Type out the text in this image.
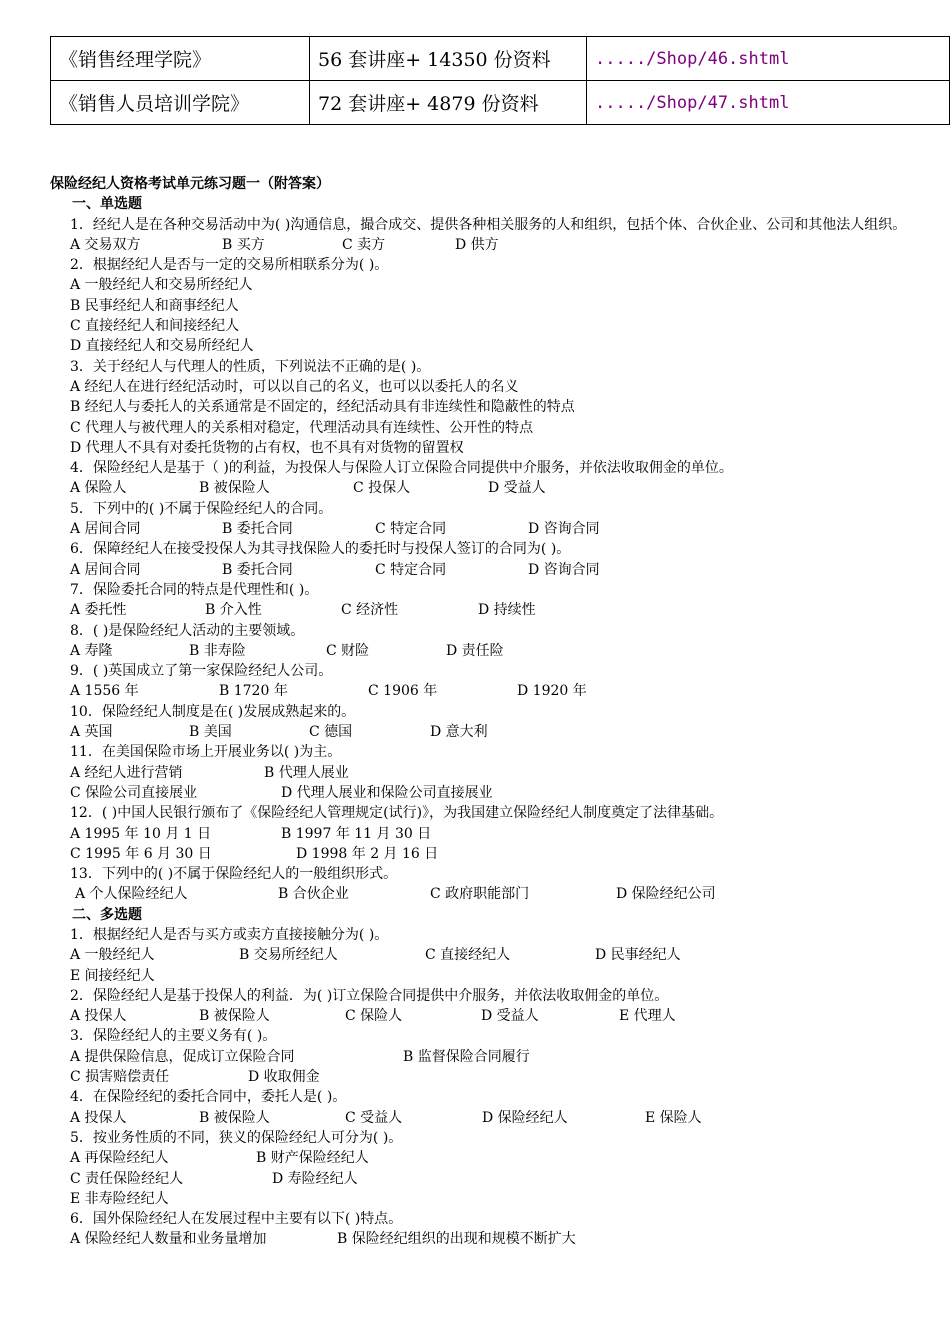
《销售经理学院》	56 套讲座+ 14350 份资料	...../Shop/46.shtml
《销售人员培训学院》	72 套讲座+ 4879 份资料	...../Shop/47.shtml
保险经纪人资格考试单元练习题一（附答案）
一、单选题
1．经纪人是在各种交易活动中为( )沟通信息，撮合成交、提供各种相关服务的人和组织，包括个体、合伙企业、公司和其他法人组织。
A 交易双方	B 买方	C 卖方	D 供方
2．根据经纪人是否与一定的交易所相联系分为( )。
A 一般经纪人和交易所经纪人
B 民事经纪人和商事经纪人
C 直接经纪人和间接经纪人
D 直接经纪人和交易所经纪人
3．关于经纪人与代理人的性质，下列说法不正确的是( )。
A 经纪人在进行经纪活动时，可以以自己的名义，也可以以委托人的名义
B 经纪人与委托人的关系通常是不固定的，经纪活动具有非连续性和隐蔽性的特点
C 代理人与被代理人的关系相对稳定，代理活动具有连续性、公开性的特点
D 代理人不具有对委托货物的占有权，也不具有对货物的留置权
4．保险经纪人是基于（ )的利益，为投保人与保险人订立保险合同提供中介服务，并依法收取佣金的单位。
A 保险人	B 被保险人	C 投保人	D 受益人
5．下列中的( )不属于保险经纪人的合同。
A 居间合同	B 委托合同	C 特定合同	D 咨询合同
6．保障经纪人在接受投保人为其寻找保险人的委托时与投保人签订的合同为( )。
A 居间合同	B 委托合同	C 特定合同	D 咨询合同
7．保险委托合同的特点是代理性和( )。
A 委托性	B 介入性	C 经济性	D 持续性
8．( )是保险经纪人活动的主要领域。
A 寿隆	B 非寿险	C 财险	D 责任险
9．( )英国成立了第一家保险经纪人公司。
A 1556 年	B 1720 年	C 1906 年	D 1920 年
10．保险经纪人制度是在( )发展成熟起来的。
A 英国	B 美国	C 德国	D 意大利
11．在美国保险市场上开展业务以( )为主。
A 经纪人进行营销	B 代理人展业
C 保险公司直接展业	D 代理人展业和保险公司直接展业
12．( )中国人民银行颁布了《保险经纪人管理规定(试行)》，为我国建立保险经纪人制度奠定了法律基础。
A 1995 年 10 月 1 日	B 1997 年 11 月 30 日
C 1995 年 6 月 30 日	D 1998 年 2 月 16 日
13．下列中的( )不属于保险经纪人的一般组织形式。
A 个人保险经纪人	B 合伙企业	C 政府职能部门	D 保险经纪公司
二、多选题
1．根据经纪人是否与买方或卖方直接接触分为( )。
A 一般经纪人	B 交易所经纪人	C 直接经纪人	D 民事经纪人
E 间接经纪人
2．保险经纪人是基于投保人的利益．为( )订立保险合同提供中介服务，并依法收取佣金的单位。
A 投保人	B 被保险人	C 保险人	D 受益人	E 代理人
3．保险经纪人的主要义务有( )。
A 提供保险信息，促成订立保险合同	B 监督保险合同履行
C 损害赔偿责任	D 收取佣金
4．在保险经纪的委托合同中，委托人是( )。
A 投保人	B 被保险人	C 受益人	D 保险经纪人	E 保险人
5．按业务性质的不同，狭义的保险经纪人可分为( )。
A 再保险经纪人	B 财产保险经纪人
C 责任保险经纪人	D 寿险经纪人
E 非寿险经纪人
6．国外保险经纪人在发展过程中主要有以下( )特点。
A 保险经纪人数量和业务量增加	B 保险经纪组织的出现和规模不断扩大
